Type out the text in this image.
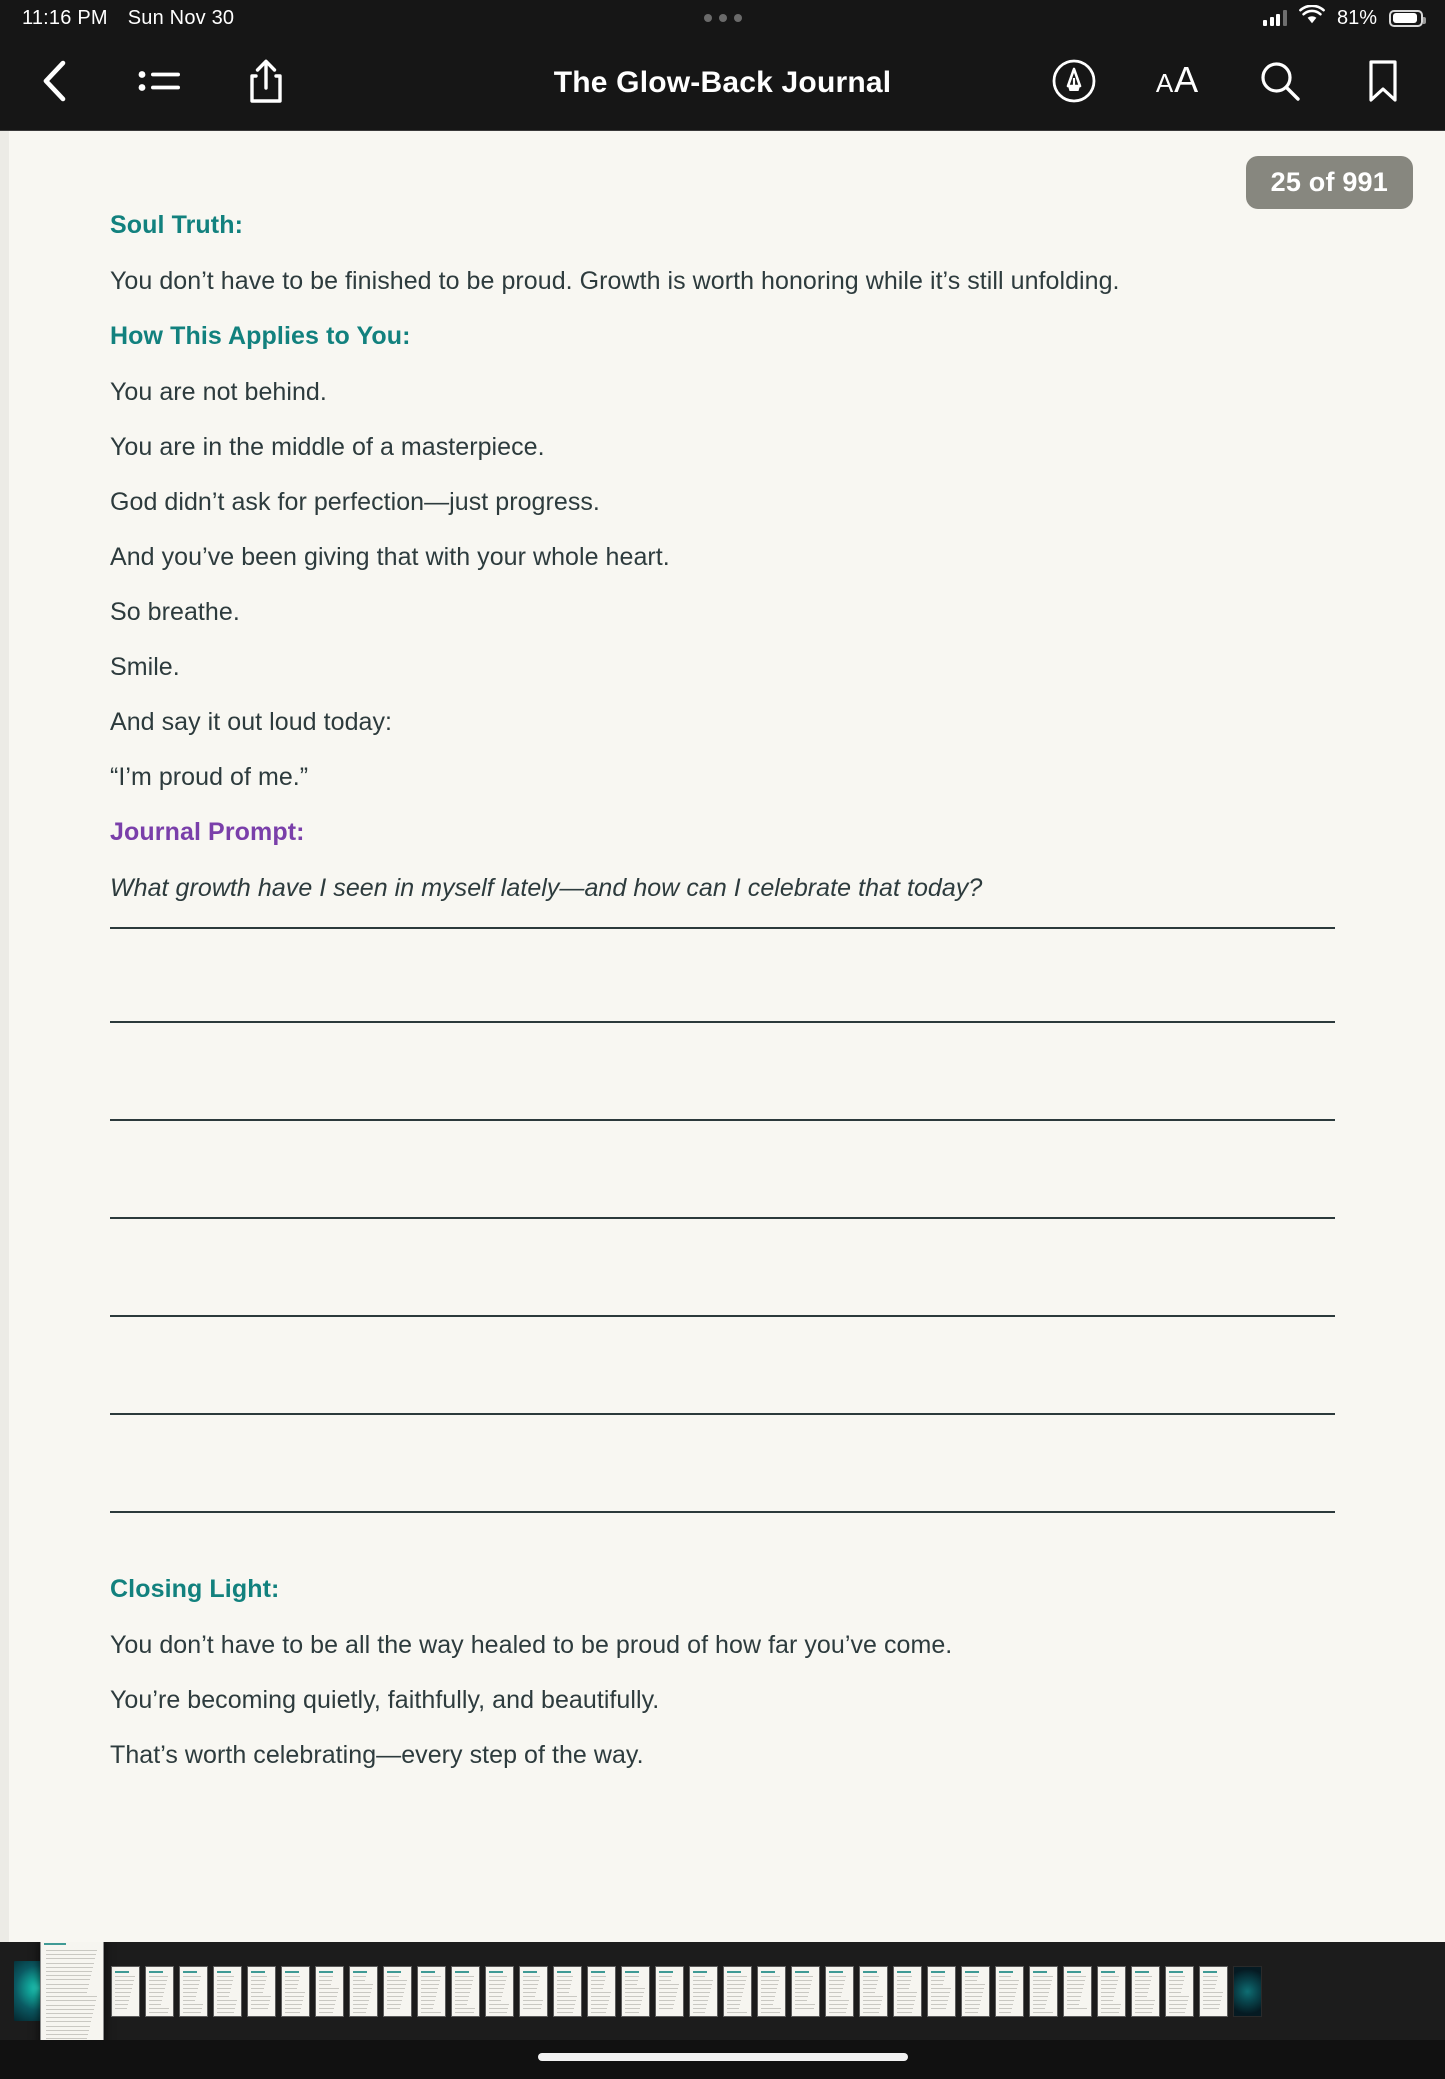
11:16 PM Sun Nov 30	81%
The Glow-Back Journal	A A
25 of 991
Soul Truth:
You don’t have to be finished to be proud. Growth is worth honoring while it’s still unfolding.
How This Applies to You:
You are not behind.
You are in the middle of a masterpiece.
God didn’t ask for perfection—just progress.
And you’ve been giving that with your whole heart.
So breathe.
Smile.
And say it out loud today:
“I’m proud of me.”
Journal Prompt:
What growth have I seen in myself lately—and how can I celebrate that today?
Closing Light:
You don’t have to be all the way healed to be proud of how far you’ve come.
You’re becoming quietly, faithfully, and beautifully.
That’s worth celebrating—every step of the way.
